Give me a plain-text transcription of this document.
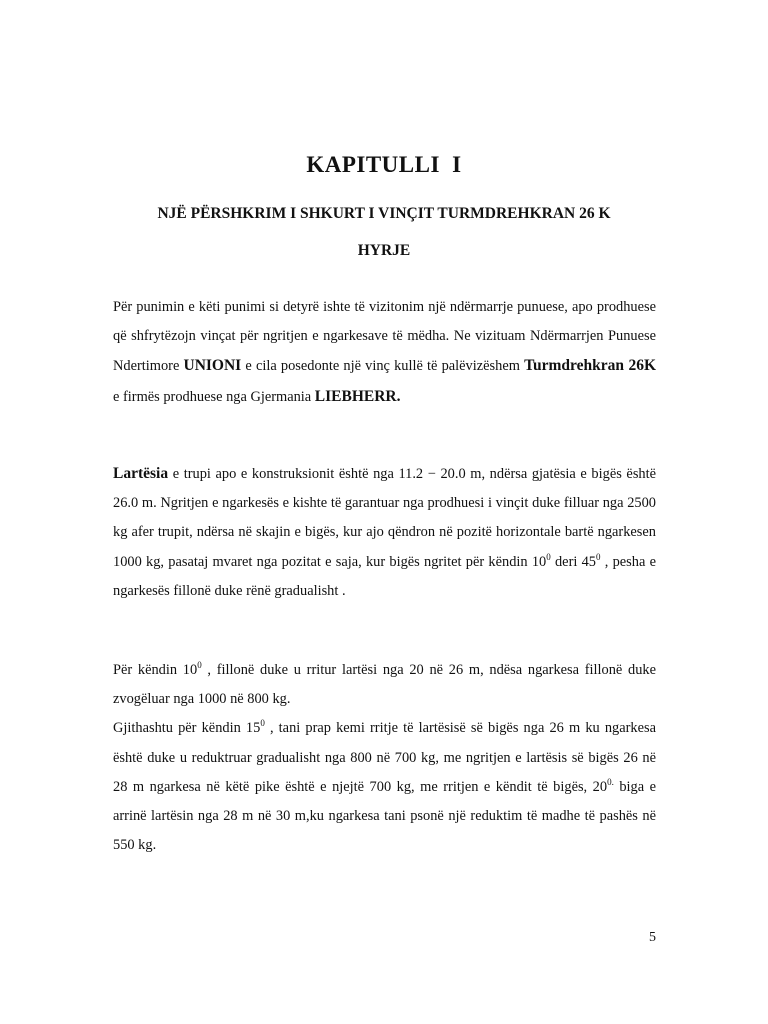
KAPITULLI I
NJË PËRSHKRIM I SHKURT I VINÇIT TURMDREHKRAN 26 K
HYRJE

Për punimin e këti punimi si detyrë ishte të vizitonim një ndërmarrje punuese, apo prodhuese që shfrytëzojn vinçat për ngritjen e ngarkesave të mëdha. Ne vizituam Ndërmarrjen Punuese Ndertimore UNIONI e cila posedonte një vinç kullë të palëvizëshem Turmdrehkran 26K e firmës prodhuese nga Gjermania LIEBHERR.

Lartësia e trupi apo e konstruksionit është nga 11.2 − 20.0 m, ndërsa gjatësia e bigës është 26.0 m. Ngritjen e ngarkesës e kishte të garantuar nga prodhuesi i vinçit duke filluar nga 2500 kg afer trupit, ndërsa në skajin e bigës, kur ajo qëndron në pozitë horizontale bartë ngarkesen 1000 kg, pasataj mvaret nga pozitat e saja, kur bigës ngritet për këndin $10^0$ deri $45^0$ , pesha e ngarkesës fillonë duke rënë gradualisht .

Për këndin $10^0$ , fillonë duke u rritur lartësi nga 20 në 26 m, ndësa ngarkesa fillonë duke zvogëluar nga 1000 në 800 kg.

Gjithashtu për këndin $15^0$ , tani prap kemi rritje të lartësisë së bigës nga 26 m ku ngarkesa është duke u reduktruar gradualisht nga 800 në 700 kg, me ngritjen e lartësis së bigës 26 në 28 m ngarkesa në këtë pike është e njejtë 700 kg, me rritjen e këndit të bigës, $20^{0.}$ biga e arrinë lartësin nga 28 m në 30 m,ku ngarkesa tani psonë një reduktim të madhe të pashës në 550 kg.

5
